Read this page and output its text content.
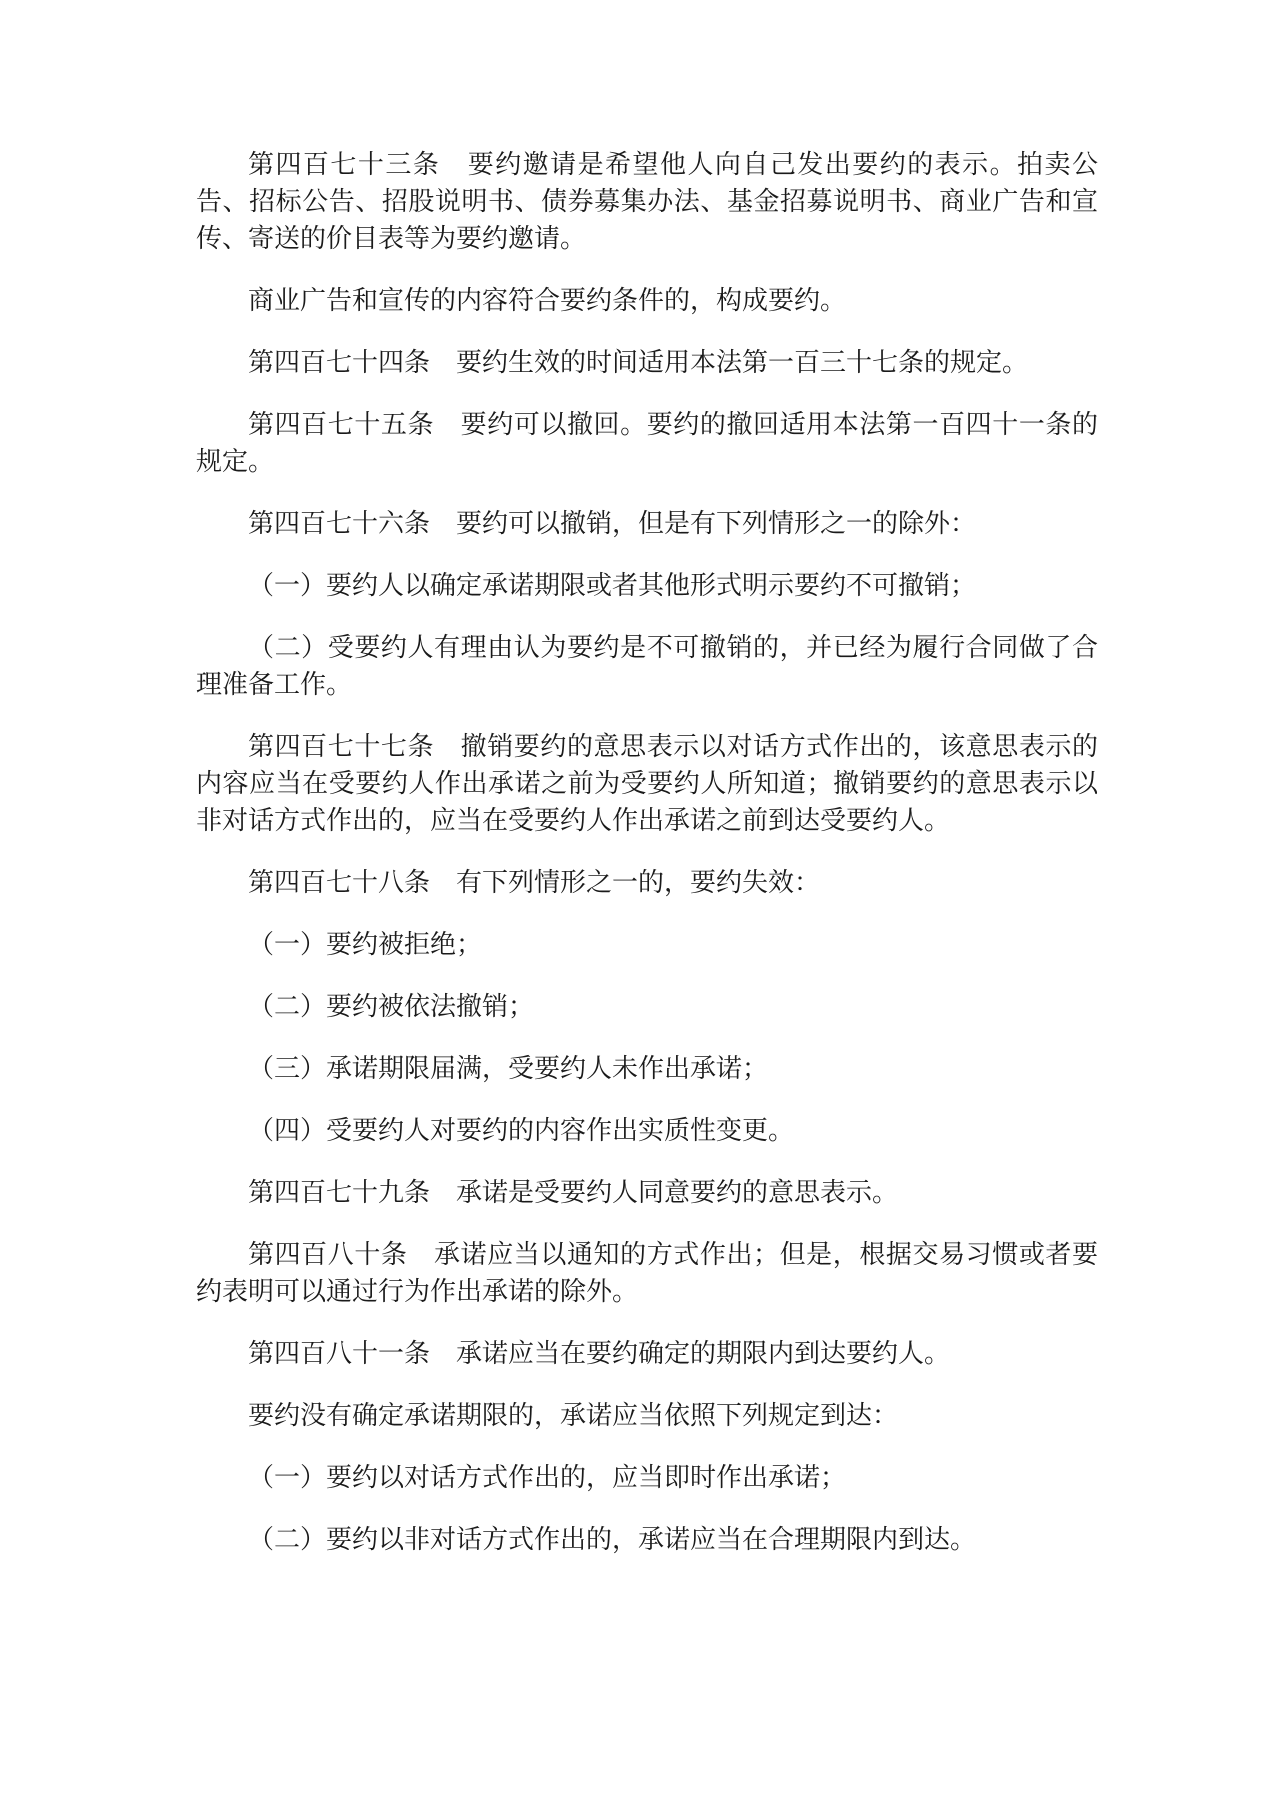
第四百七十三条　要约邀请是希望他人向自己发出要约的表示。拍卖公告、招标公告、招股说明书、债券募集办法、基金招募说明书、商业广告和宣传、寄送的价目表等为要约邀请。

商业广告和宣传的内容符合要约条件的，构成要约。

第四百七十四条　要约生效的时间适用本法第一百三十七条的规定。

第四百七十五条　要约可以撤回。要约的撤回适用本法第一百四十一条的规定。

第四百七十六条　要约可以撤销，但是有下列情形之一的除外：

（一）要约人以确定承诺期限或者其他形式明示要约不可撤销；

（二）受要约人有理由认为要约是不可撤销的，并已经为履行合同做了合理准备工作。

第四百七十七条　撤销要约的意思表示以对话方式作出的，该意思表示的内容应当在受要约人作出承诺之前为受要约人所知道；撤销要约的意思表示以非对话方式作出的，应当在受要约人作出承诺之前到达受要约人。

第四百七十八条　有下列情形之一的，要约失效：

（一）要约被拒绝；

（二）要约被依法撤销；

（三）承诺期限届满，受要约人未作出承诺；

（四）受要约人对要约的内容作出实质性变更。

第四百七十九条　承诺是受要约人同意要约的意思表示。

第四百八十条　承诺应当以通知的方式作出；但是，根据交易习惯或者要约表明可以通过行为作出承诺的除外。

第四百八十一条　承诺应当在要约确定的期限内到达要约人。

要约没有确定承诺期限的，承诺应当依照下列规定到达：

（一）要约以对话方式作出的，应当即时作出承诺；

（二）要约以非对话方式作出的，承诺应当在合理期限内到达。
